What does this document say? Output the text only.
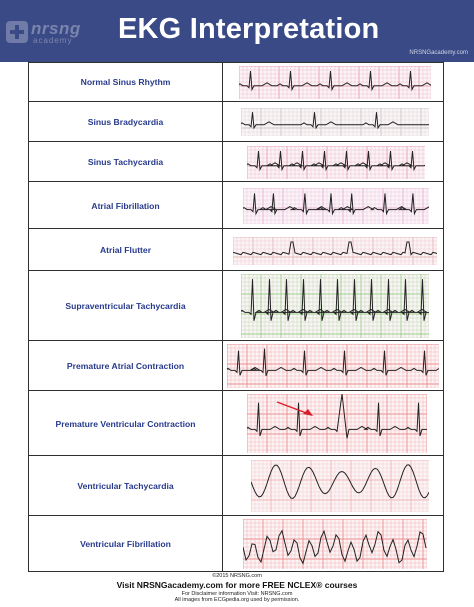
nrsng
academy EKG Interpretation
NRSNGacademy.com
Normal Sinus Rhythm
Sinus Bradycardia
Sinus Tachycardia
Atrial Fibrillation
Atrial Flutter
Supraventricular Tachycardia
Premature Atrial Contraction
Premature Ventricular Contraction
Ventricular Tachycardia
Ventricular Fibrillation
©2015 NRSNG.com
Visit NRSNGacademy.com for more FREE NCLEX® courses
For Disclaimer information Visit: NRSNG.com
All images from ECGpedia.org used by permission.
